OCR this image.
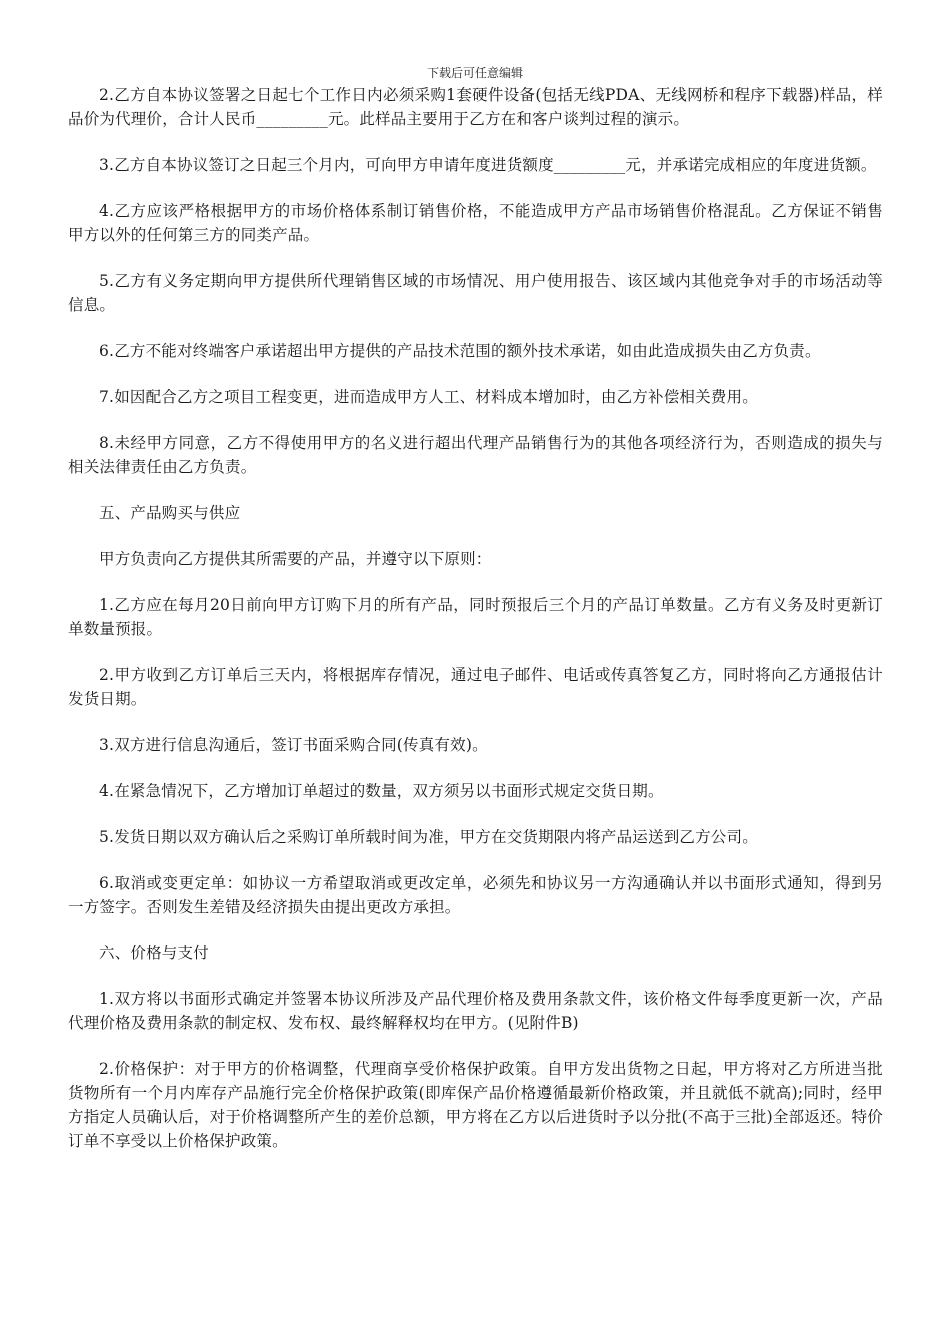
下载后可任意编辑

2.乙方自本协议签署之日起七个工作日内必须采购1套硬件设备(包括无线PDA、无线网桥和程序下载器)样品，样品价为代理价，合计人民币_________元。此样品主要用于乙方在和客户谈判过程的演示。

3.乙方自本协议签订之日起三个月内，可向甲方申请年度进货额度_________元，并承诺完成相应的年度进货额。

4.乙方应该严格根据甲方的市场价格体系制订销售价格，不能造成甲方产品市场销售价格混乱。乙方保证不销售甲方以外的任何第三方的同类产品。

5.乙方有义务定期向甲方提供所代理销售区域的市场情况、用户使用报告、该区域内其他竞争对手的市场活动等信息。

6.乙方不能对终端客户承诺超出甲方提供的产品技术范围的额外技术承诺，如由此造成损失由乙方负责。

7.如因配合乙方之项目工程变更，进而造成甲方人工、材料成本增加时，由乙方补偿相关费用。

8.未经甲方同意，乙方不得使用甲方的名义进行超出代理产品销售行为的其他各项经济行为，否则造成的损失与相关法律责任由乙方负责。

五、产品购买与供应

甲方负责向乙方提供其所需要的产品，并遵守以下原则：

1.乙方应在每月20日前向甲方订购下月的所有产品，同时预报后三个月的产品订单数量。乙方有义务及时更新订单数量预报。

2.甲方收到乙方订单后三天内，将根据库存情况，通过电子邮件、电话或传真答复乙方，同时将向乙方通报估计发货日期。

3.双方进行信息沟通后，签订书面采购合同(传真有效)。

4.在紧急情况下，乙方增加订单超过的数量，双方须另以书面形式规定交货日期。

5.发货日期以双方确认后之采购订单所载时间为准，甲方在交货期限内将产品运送到乙方公司。

6.取消或变更定单：如协议一方希望取消或更改定单，必须先和协议另一方沟通确认并以书面形式通知，得到另一方签字。否则发生差错及经济损失由提出更改方承担。

六、价格与支付

1.双方将以书面形式确定并签署本协议所涉及产品代理价格及费用条款文件，该价格文件每季度更新一次，产品代理价格及费用条款的制定权、发布权、最终解释权均在甲方。(见附件B)

2.价格保护：对于甲方的价格调整，代理商享受价格保护政策。自甲方发出货物之日起，甲方将对乙方所进当批货物所有一个月内库存产品施行完全价格保护政策(即库保产品价格遵循最新价格政策，并且就低不就高);同时，经甲方指定人员确认后，对于价格调整所产生的差价总额，甲方将在乙方以后进货时予以分批(不高于三批)全部返还。特价订单不享受以上价格保护政策。
